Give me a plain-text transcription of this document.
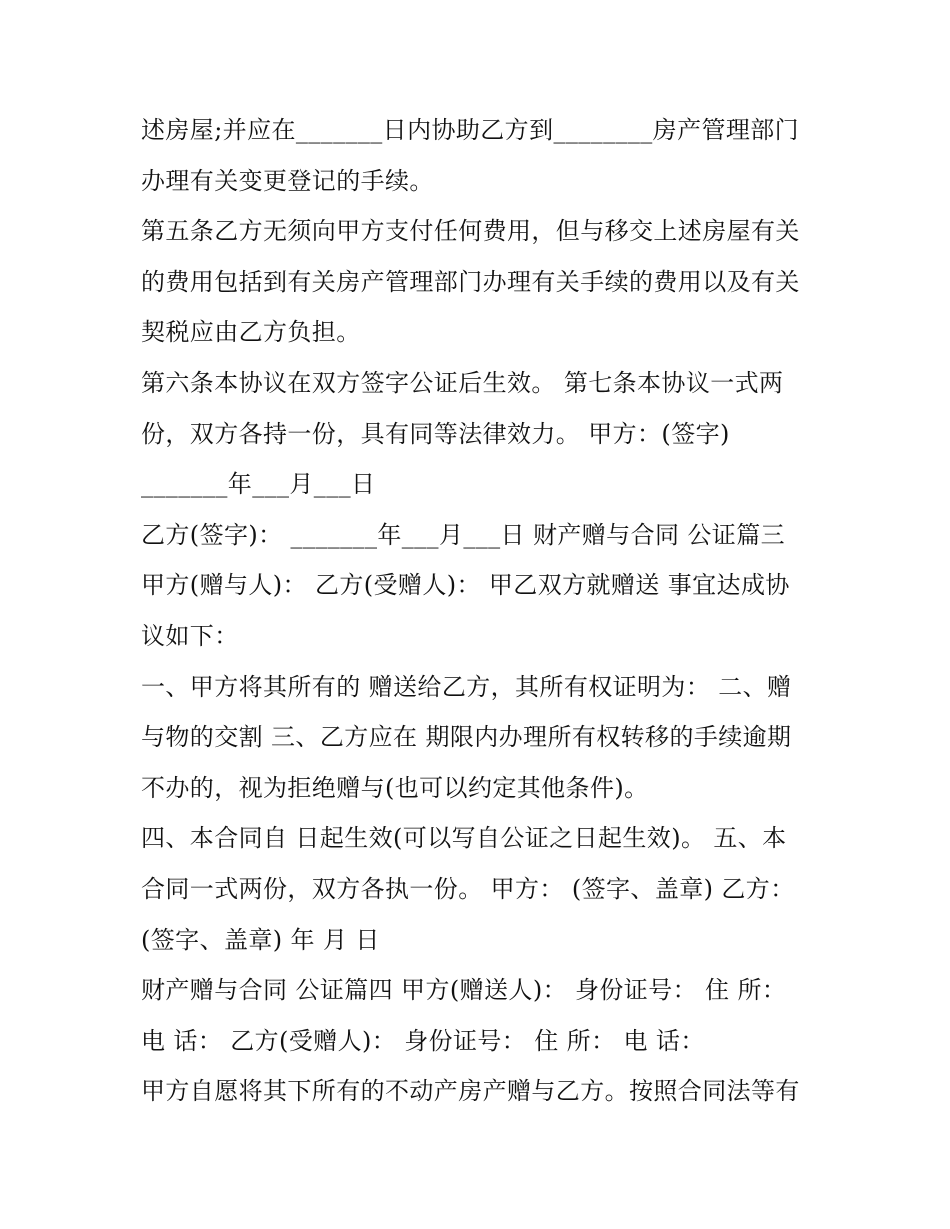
述房屋;并应在_______日内协助乙方到________房产管理部门
办理有关变更登记的手续。
第五条乙方无须向甲方支付任何费用，但与移交上述房屋有关
的费用包括到有关房产管理部门办理有关手续的费用以及有关
契税应由乙方负担。
第六条本协议在双方签字公证后生效。 第七条本协议一式两
份，双方各持一份，具有同等法律效力。 甲方：(签字)
_______年___月___日
乙方(签字)： _______年___月___日 财产赠与合同 公证篇三
甲方(赠与人)： 乙方(受赠人)： 甲乙双方就赠送 事宜达成协
议如下：
一、甲方将其所有的 赠送给乙方，其所有权证明为： 二、赠
与物的交割 三、乙方应在 期限内办理所有权转移的手续逾期
不办的，视为拒绝赠与(也可以约定其他条件)。
四、本合同自 日起生效(可以写自公证之日起生效)。 五、本
合同一式两份，双方各执一份。 甲方： (签字、盖章) 乙方：
(签字、盖章) 年 月 日
财产赠与合同 公证篇四 甲方(赠送人)： 身份证号： 住 所：
电 话： 乙方(受赠人)： 身份证号： 住 所： 电 话：
甲方自愿将其下所有的不动产房产赠与乙方。按照合同法等有
